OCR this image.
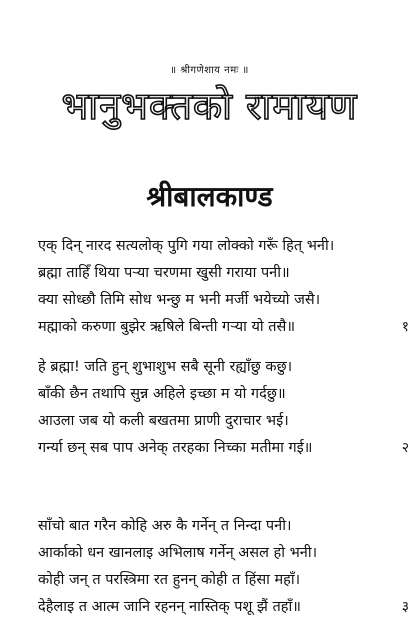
॥ श्रीगणेशाय नमः ॥
भानुभक्तको रामायण
श्रीबालकाण्ड
एक् दिन् नारद सत्यलोक् पुगि गया लोक्को गरूँ हित् भनी।
ब्रह्मा ताहिँ थिया पऱ्या चरणमा खुसी गराया पनी॥
क्या सोध्छौ तिमि सोध भन्छु म भनी मर्जी भयेच्यो जसै।
मह्माको करुणा बुझेर ऋषिले बिन्ती गऱ्या यो तसै॥	१
हे ब्रह्मा! जति हुन् शुभाशुभ सबै सूनी रह्याँछु कछु।
बाँकी छैन तथापि सुन्न अहिले इच्छा म यो गर्दछु॥
आउला जब यो कली बखतमा प्राणी दुराचार भई।
गर्न्या छन् सब पाप अनेक् तरहका निच्का मतीमा गई॥	२
साँचो बात गरैन कोहि अरु कै गर्नेन् त निन्दा पनी।
आर्काको धन खानलाइ अभिलाष गर्नेन् असल हो भनी।
कोही जन् त परस्त्रिमा रत हुनन् कोही त हिंसा महाँ।
देहैलाइ त आत्म जानि रहनन् नास्तिक् पशू झैं तहाँ॥	३
